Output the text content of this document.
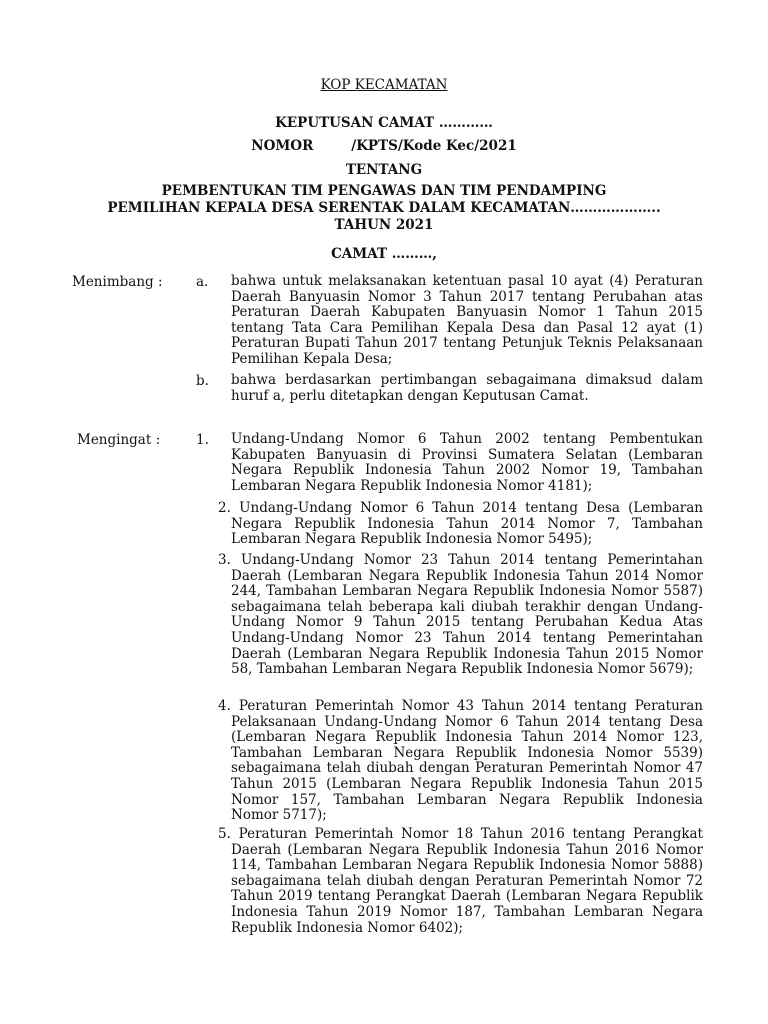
KOP KECAMATAN

KEPUTUSAN CAMAT …………

NOMOR	/KPTS/Kode Kec/2021

TENTANG

PEMBENTUKAN TIM PENGAWAS DAN TIM PENDAMPING
PEMILIHAN KEPALA DESA SERENTAK DALAM KECAMATAN………………..
TAHUN 2021

CAMAT ………,

Menimbang : a. bahwa untuk melaksanakan ketentuan pasal 10 ayat (4) Peraturan Daerah Banyuasin Nomor 3 Tahun 2017 tentang Perubahan atas Peraturan Daerah Kabupaten Banyuasin Nomor 1 Tahun 2015 tentang Tata Cara Pemilihan Kepala Desa dan Pasal 12 ayat (1) Peraturan Bupati Tahun 2017 tentang Petunjuk Teknis Pelaksanaan Pemilihan Kepala Desa;

b. bahwa berdasarkan pertimbangan sebagaimana dimaksud dalam huruf a, perlu ditetapkan dengan Keputusan Camat.

Mengingat :	1. Undang-Undang Nomor 6 Tahun 2002 tentang Pembentukan Kabupaten Banyuasin di Provinsi Sumatera Selatan (Lembaran Negara Republik Indonesia Tahun 2002 Nomor 19, Tambahan Lembaran Negara Republik Indonesia Nomor 4181);

2. Undang-Undang Nomor 6 Tahun 2014 tentang Desa (Lembaran Negara Republik Indonesia Tahun 2014 Nomor 7, Tambahan Lembaran Negara Republik Indonesia Nomor 5495);

3. Undang-Undang Nomor 23 Tahun 2014 tentang Pemerintahan Daerah (Lembaran Negara Republik Indonesia Tahun 2014 Nomor 244, Tambahan Lembaran Negara Republik Indonesia Nomor 5587) sebagaimana telah beberapa kali diubah terakhir dengan Undang-Undang Nomor 9 Tahun 2015 tentang Perubahan Kedua Atas Undang-Undang Nomor 23 Tahun 2014 tentang Pemerintahan Daerah (Lembaran Negara Republik Indonesia Tahun 2015 Nomor 58, Tambahan Lembaran Negara Republik Indonesia Nomor 5679);

4. Peraturan Pemerintah Nomor 43 Tahun 2014 tentang Peraturan Pelaksanaan Undang-Undang Nomor 6 Tahun 2014 tentang Desa (Lembaran Negara Republik Indonesia Tahun 2014 Nomor 123, Tambahan Lembaran Negara Republik Indonesia Nomor 5539) sebagaimana telah diubah dengan Peraturan Pemerintah Nomor 47 Tahun 2015 (Lembaran Negara Republik Indonesia Tahun 2015 Nomor 157, Tambahan Lembaran Negara Republik Indonesia Nomor 5717);

5. Peraturan Pemerintah Nomor 18 Tahun 2016 tentang Perangkat Daerah (Lembaran Negara Republik Indonesia Tahun 2016 Nomor 114, Tambahan Lembaran Negara Republik Indonesia Nomor 5888) sebagaimana telah diubah dengan Peraturan Pemerintah Nomor 72 Tahun 2019 tentang Perangkat Daerah (Lembaran Negara Republik Indonesia Tahun 2019 Nomor 187, Tambahan Lembaran Negara Republik Indonesia Nomor 6402);
